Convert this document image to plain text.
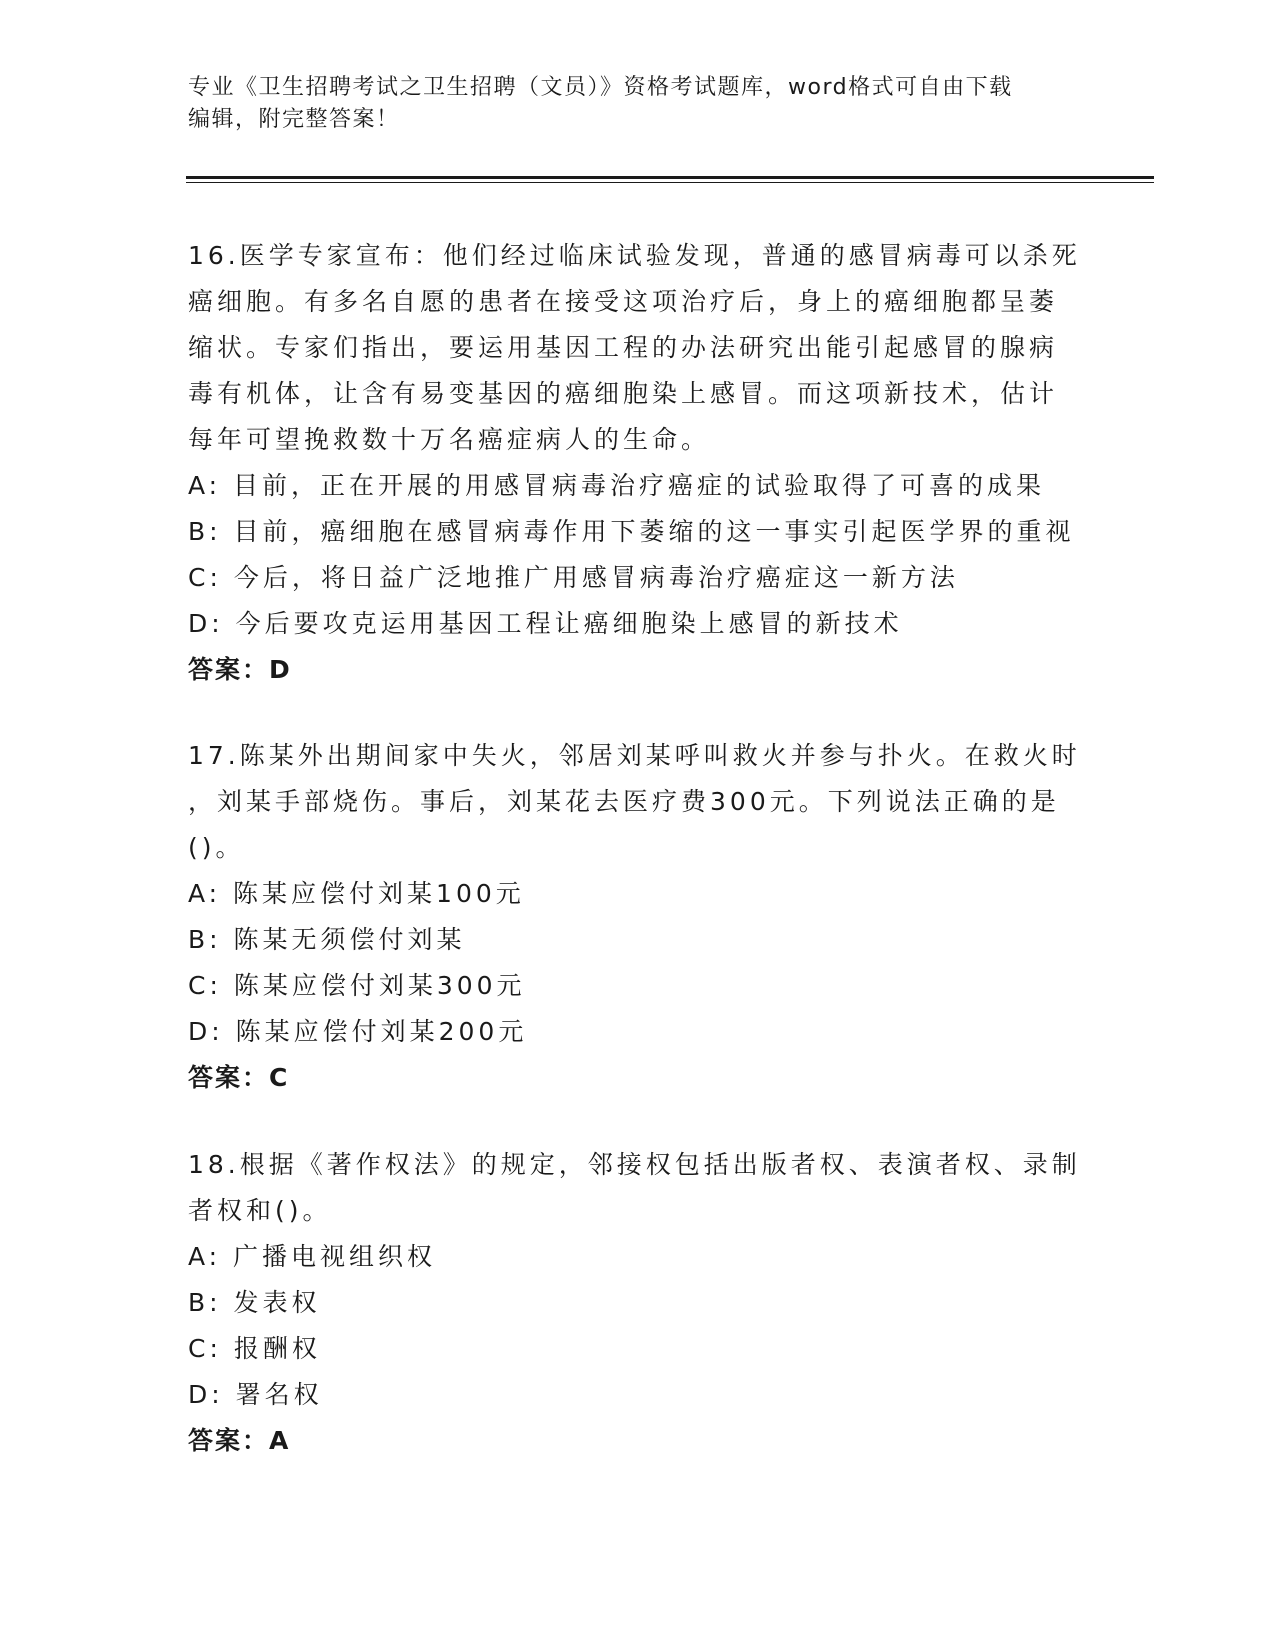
专业《卫生招聘考试之卫生招聘（文员）》资格考试题库，word格式可自由下载
编辑，附完整答案！
16.医学专家宣布：他们经过临床试验发现，普通的感冒病毒可以杀死
癌细胞。有多名自愿的患者在接受这项治疗后，身上的癌细胞都呈萎
缩状。专家们指出，要运用基因工程的办法研究出能引起感冒的腺病
毒有机体，让含有易变基因的癌细胞染上感冒。而这项新技术，估计
每年可望挽救数十万名癌症病人的生命。
A: 目前，正在开展的用感冒病毒治疗癌症的试验取得了可喜的成果
B: 目前，癌细胞在感冒病毒作用下萎缩的这一事实引起医学界的重视
C: 今后，将日益广泛地推广用感冒病毒治疗癌症这一新方法
D: 今后要攻克运用基因工程让癌细胞染上感冒的新技术
答案：D
17.陈某外出期间家中失火，邻居刘某呼叫救火并参与扑火。在救火时
，刘某手部烧伤。事后，刘某花去医疗费300元。下列说法正确的是
()。
A: 陈某应偿付刘某100元
B: 陈某无须偿付刘某
C: 陈某应偿付刘某300元
D: 陈某应偿付刘某200元
答案：C
18.根据《著作权法》的规定，邻接权包括出版者权、表演者权、录制
者权和()。
A: 广播电视组织权
B: 发表权
C: 报酬权
D: 署名权
答案：A
